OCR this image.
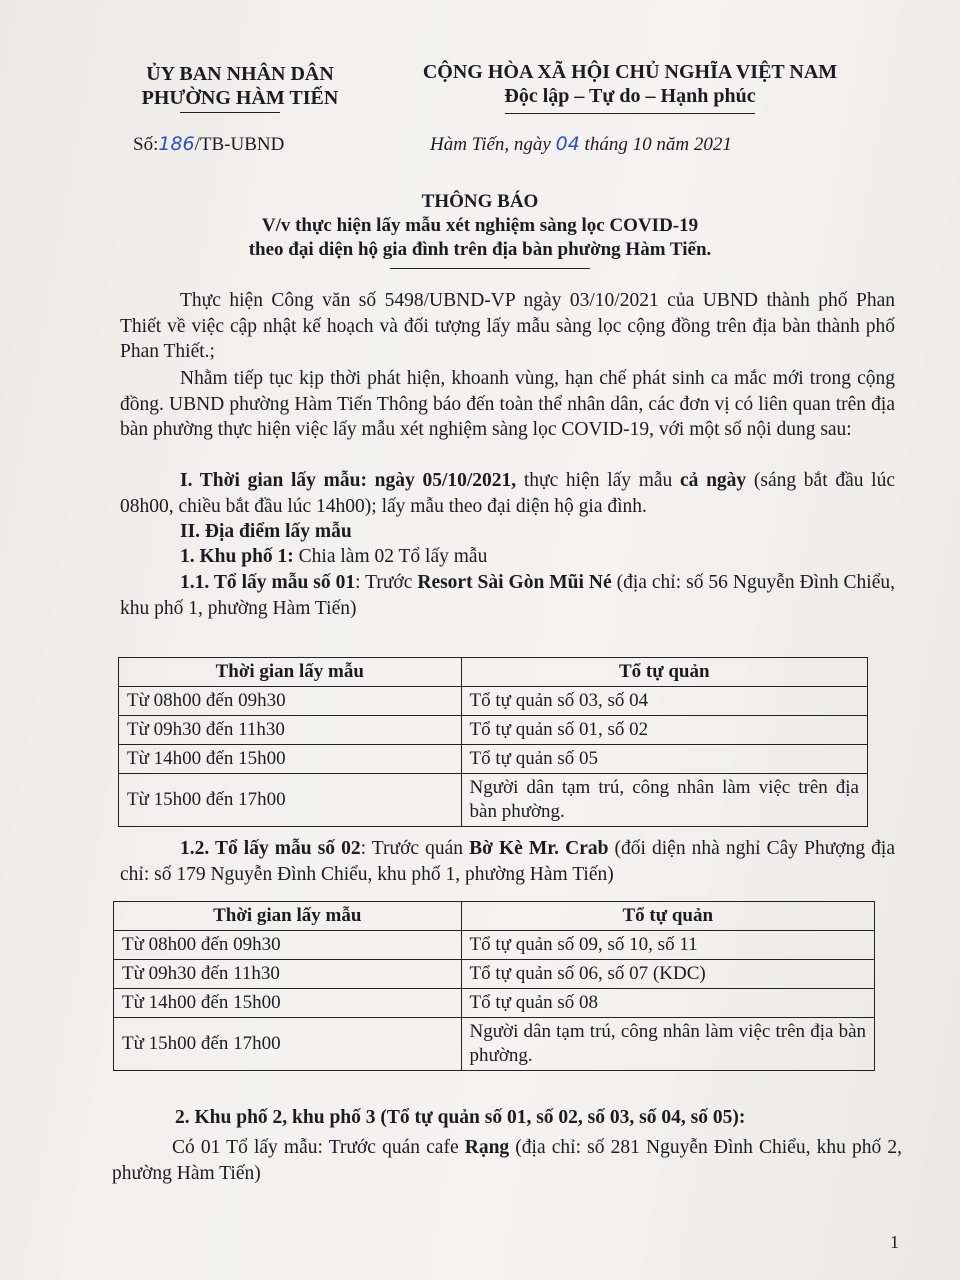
ỦY BAN NHÂN DÂN
PHƯỜNG HÀM TIẾN
CỘNG HÒA XÃ HỘI CHỦ NGHĨA VIỆT NAM
Độc lập – Tự do – Hạnh phúc
Số:186/TB-UBND	Hàm Tiến, ngày 04 tháng 10 năm 2021
THÔNG BÁO
V/v thực hiện lấy mẫu xét nghiệm sàng lọc COVID-19
theo đại diện hộ gia đình trên địa bàn phường Hàm Tiến.
Thực hiện Công văn số 5498/UBND-VP ngày 03/10/2021 của UBND thành phố Phan Thiết về việc cập nhật kế hoạch và đối tượng lấy mẫu sàng lọc cộng đồng trên địa bàn thành phố Phan Thiết.;
Nhằm tiếp tục kịp thời phát hiện, khoanh vùng, hạn chế phát sinh ca mắc mới trong cộng đồng. UBND phường Hàm Tiến Thông báo đến toàn thể nhân dân, các đơn vị có liên quan trên địa bàn phường thực hiện việc lấy mẫu xét nghiệm sàng lọc COVID-19, với một số nội dung sau:
I. Thời gian lấy mẫu: ngày 05/10/2021, thực hiện lấy mẫu cả ngày (sáng bắt đầu lúc 08h00, chiều bắt đầu lúc 14h00); lấy mẫu theo đại diện hộ gia đình.
II. Địa điểm lấy mẫu
1. Khu phố 1: Chia làm 02 Tổ lấy mẫu
1.1. Tổ lấy mẫu số 01: Trước Resort Sài Gòn Mũi Né (địa chỉ: số 56 Nguyễn Đình Chiểu, khu phố 1, phường Hàm Tiến)
Thời gian lấy mẫu	Tổ tự quản
Từ 08h00 đến 09h30	Tổ tự quản số 03, số 04
Từ 09h30 đến 11h30	Tổ tự quản số 01, số 02
Từ 14h00 đến 15h00	Tổ tự quản số 05
Từ 15h00 đến 17h00	Người dân tạm trú, công nhân làm việc trên địa bàn phường.
1.2. Tổ lấy mẫu số 02: Trước quán Bờ Kè Mr. Crab (đối diện nhà nghỉ Cây Phượng địa chỉ: số 179 Nguyễn Đình Chiểu, khu phố 1, phường Hàm Tiến)
Thời gian lấy mẫu	Tổ tự quản
Từ 08h00 đến 09h30	Tổ tự quản số 09, số 10, số 11
Từ 09h30 đến 11h30	Tổ tự quản số 06, số 07 (KDC)
Từ 14h00 đến 15h00	Tổ tự quản số 08
Từ 15h00 đến 17h00	Người dân tạm trú, công nhân làm việc trên địa bàn phường.
2. Khu phố 2, khu phố 3 (Tổ tự quản số 01, số 02, số 03, số 04, số 05):
Có 01 Tổ lấy mẫu: Trước quán cafe Rạng (địa chỉ: số 281 Nguyễn Đình Chiểu, khu phố 2, phường Hàm Tiến)
1
